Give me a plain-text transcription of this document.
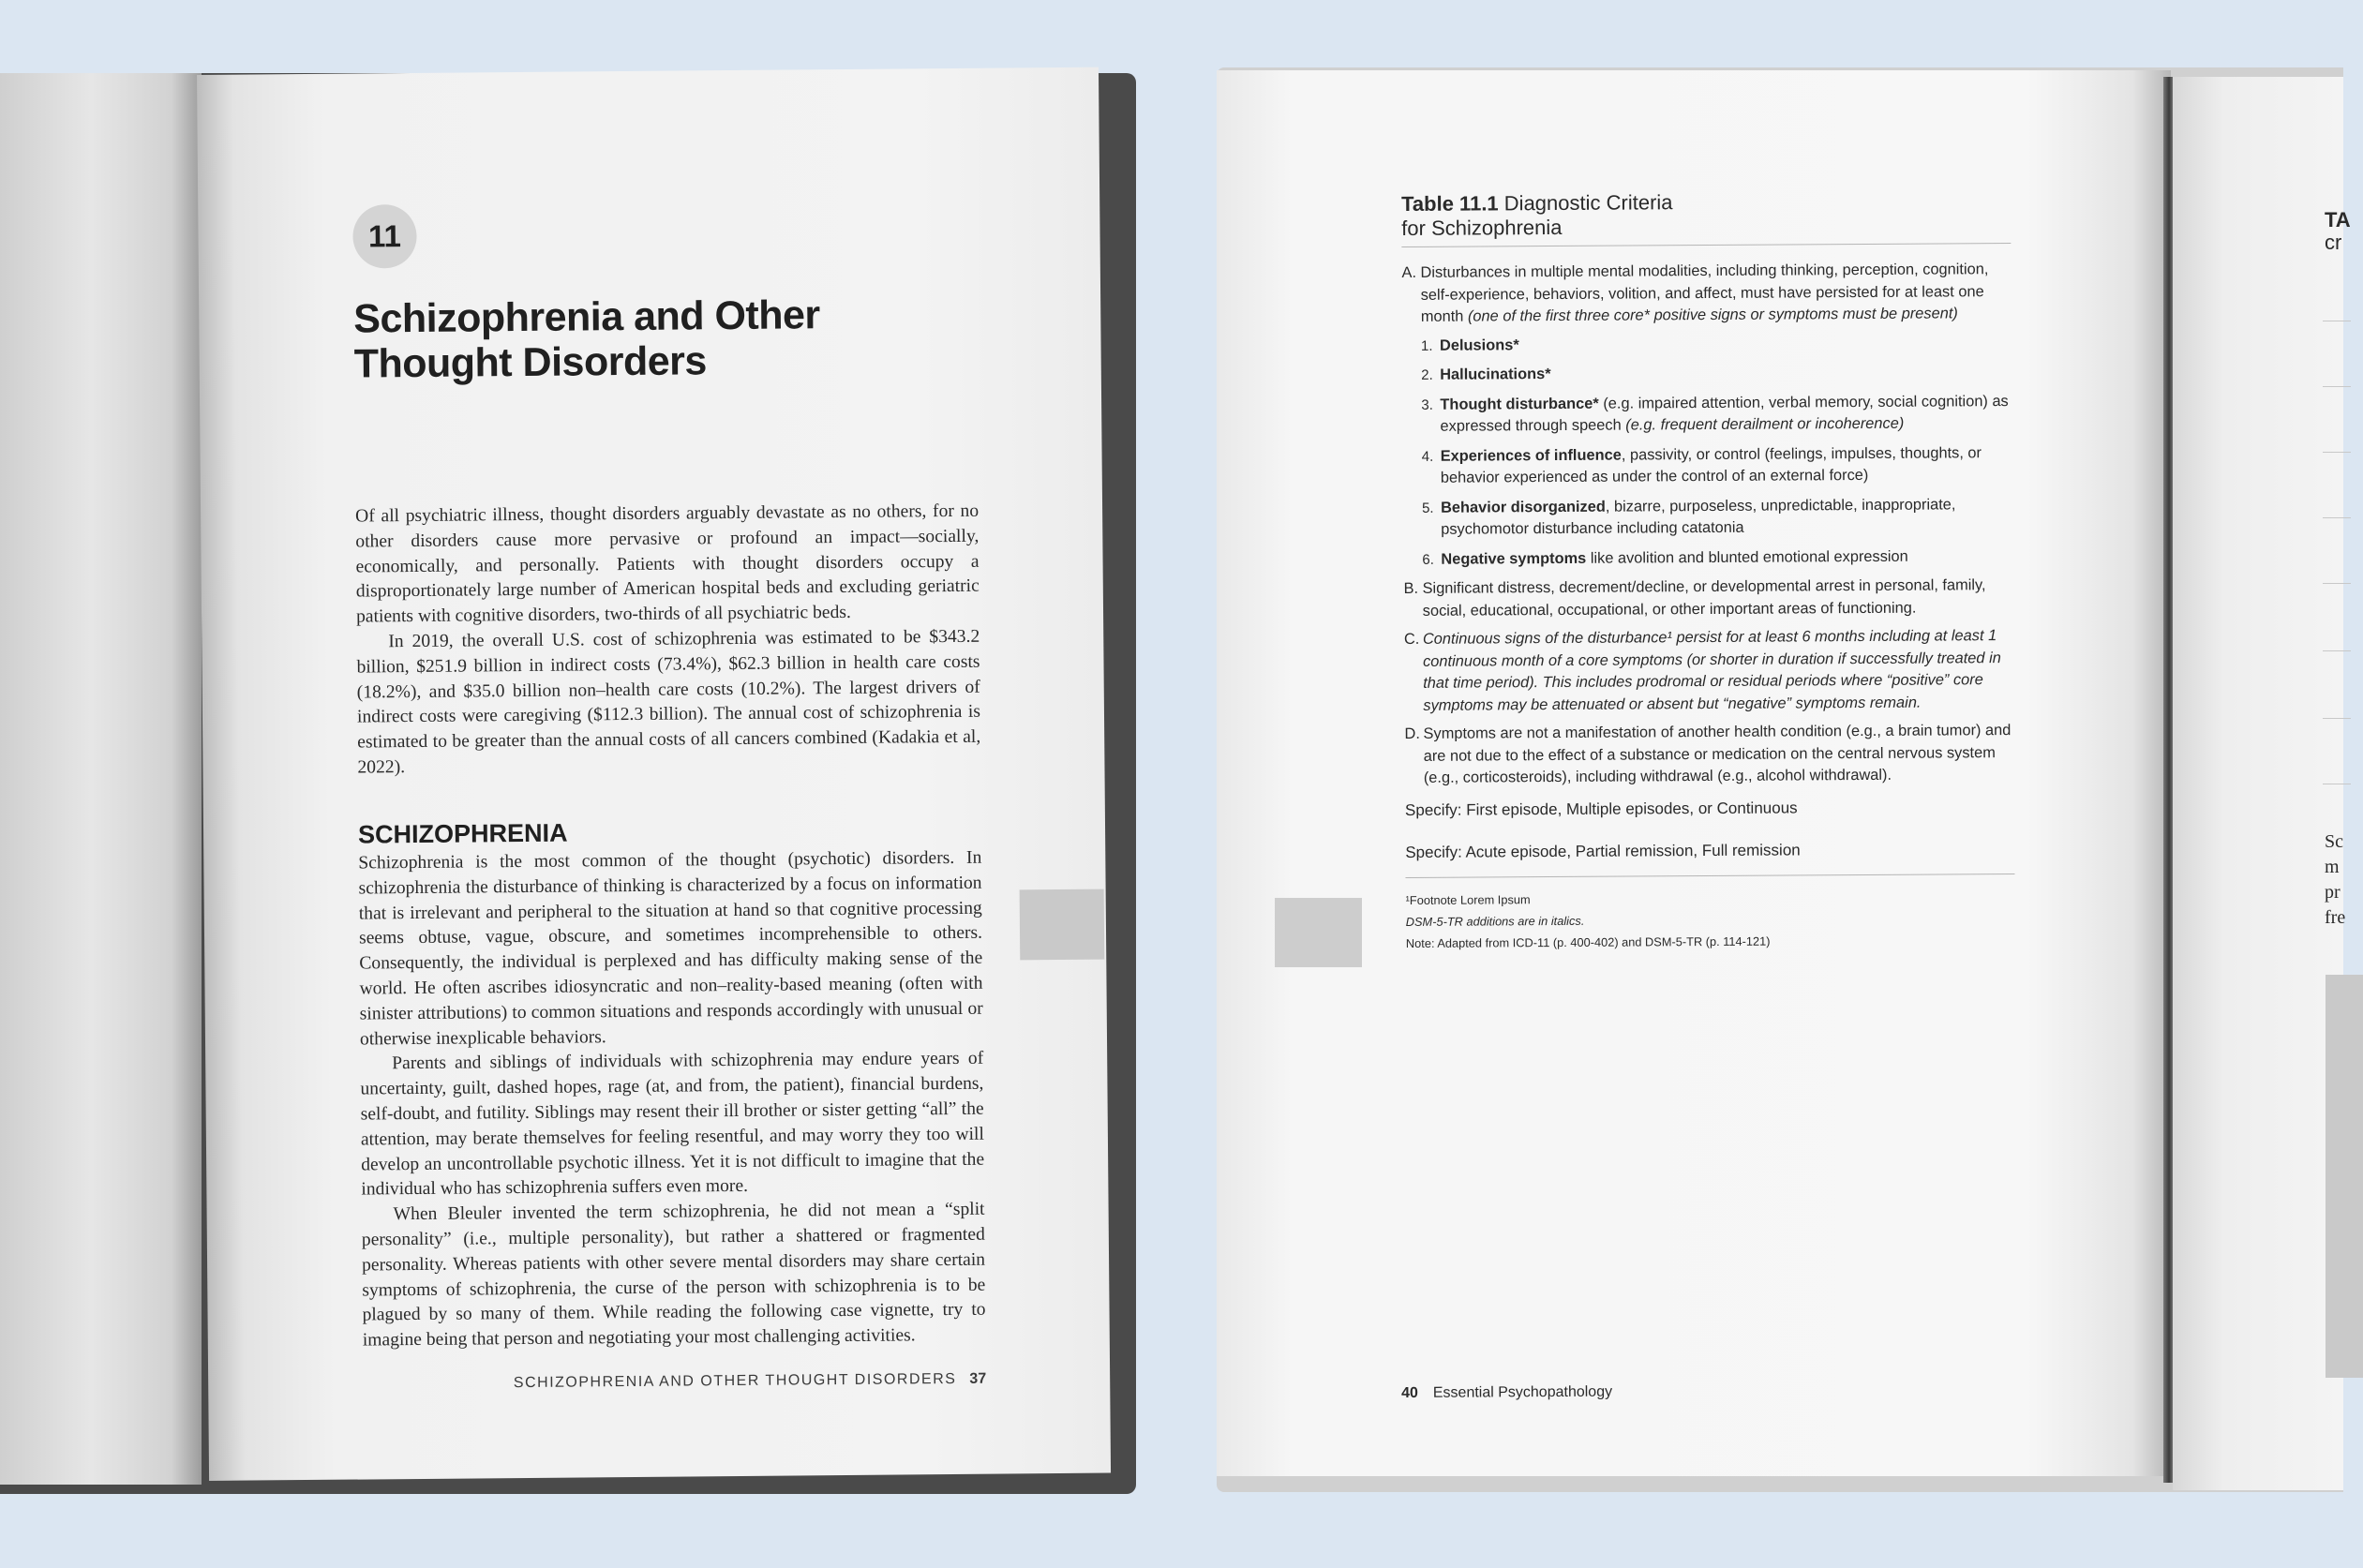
11
Schizophrenia and Other
Thought Disorders

Of all psychiatric illness, thought disorders arguably devastate as no others, for no other disorders cause more pervasive or profound an impact—socially, economically, and personally. Patients with thought disorders occupy a disproportionately large number of American hospital beds and excluding geriatric patients with cognitive disorders, two-thirds of all psychiatric beds.

In 2019, the overall U.S. cost of schizophrenia was estimated to be $343.2 billion, $251.9 billion in indirect costs (73.4%), $62.3 billion in health care costs (18.2%), and $35.0 billion non–health care costs (10.2%). The largest drivers of indirect costs were caregiving ($112.3 billion). The annual cost of schizophrenia is estimated to be greater than the annual costs of all cancers combined (Kadakia et al, 2022).

SCHIZOPHRENIA

Schizophrenia is the most common of the thought (psychotic) disorders. In schizophrenia the disturbance of thinking is characterized by a focus on information that is irrelevant and peripheral to the situation at hand so that cognitive processing seems obtuse, vague, obscure, and sometimes incomprehensible to others. Consequently, the individual is perplexed and has difficulty making sense of the world. He often ascribes idiosyncratic and non–reality-based meaning (often with sinister attributions) to common situations and responds accordingly with unusual or otherwise inexplicable behaviors.

Parents and siblings of individuals with schizophrenia may endure years of uncertainty, guilt, dashed hopes, rage (at, and from, the patient), financial burdens, self-doubt, and futility. Siblings may resent their ill brother or sister getting “all” the attention, may berate themselves for feeling resentful, and may worry they too will develop an uncontrollable psychotic illness. Yet it is not difficult to imagine that the individual who has schizophrenia suffers even more.

When Bleuler invented the term schizophrenia, he did not mean a “split personality” (i.e., multiple personality), but rather a shattered or fragmented personality. Whereas patients with other severe mental disorders may share certain symptoms of schizophrenia, the curse of the person with schizophrenia is to be plagued by so many of them. While reading the following case vignette, try to imagine being that person and negotiating your most challenging activities.

SCHIZOPHRENIA AND OTHER THOUGHT DISORDERS 37
TA
cr
Sc
m
pr
fre

Table 11.1 Diagnostic Criteria
for Schizophrenia

A. Disturbances in multiple mental modalities, including thinking, perception, cognition, self-experience, behaviors, volition, and affect, must have persisted for at least one month (one of the first three core* positive signs or symptoms must be present)
1. Delusions*
2. Hallucinations*
3. Thought disturbance* (e.g. impaired attention, verbal memory, social cognition) as expressed through speech (e.g. frequent derailment or incoherence)
4. Experiences of influence, passivity, or control (feelings, impulses, thoughts, or behavior experienced as under the control of an external force)
5. Behavior disorganized, bizarre, purposeless, unpredictable, inappropriate, psychomotor disturbance including catatonia
6. Negative symptoms like avolition and blunted emotional expression
B. Significant distress, decrement/decline, or developmental arrest in personal, family, social, educational, occupational, or other important areas of functioning.
C. Continuous signs of the disturbance¹ persist for at least 6 months including at least 1 continuous month of a core symptoms (or shorter in duration if successfully treated in that time period). This includes prodromal or residual periods where “positive” core symptoms may be attenuated or absent but “negative” symptoms remain.
D. Symptoms are not a manifestation of another health condition (e.g., a brain tumor) and are not due to the effect of a substance or medication on the central nervous system (e.g., corticosteroids), including withdrawal (e.g., alcohol withdrawal).

Specify: First episode, Multiple episodes, or Continuous

Specify: Acute episode, Partial remission, Full remission

¹Footnote Lorem Ipsum
DSM-5-TR additions are in italics.
Note: Adapted from ICD-11 (p. 400-402) and DSM-5-TR (p. 114-121)
40 Essential Psychopathology
